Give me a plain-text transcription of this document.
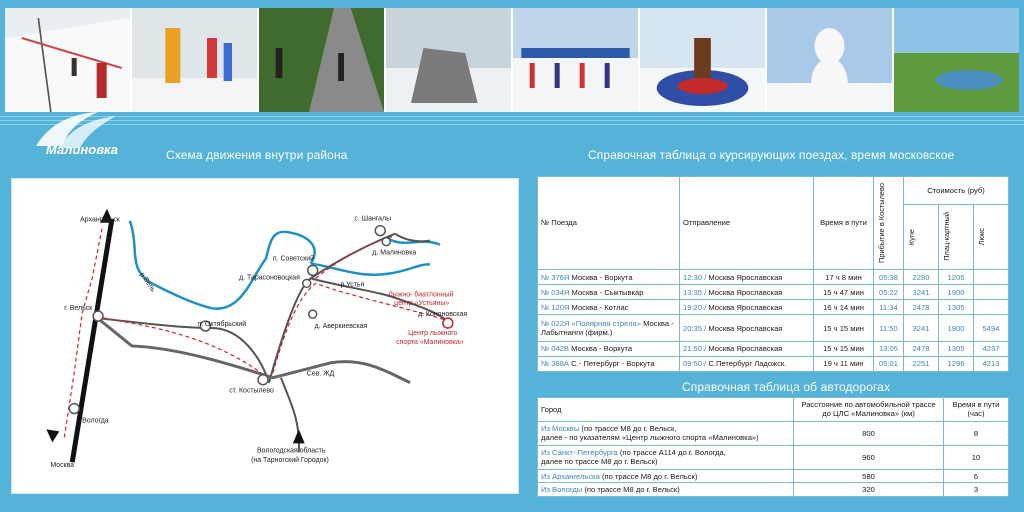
Малиновка	Схема движения внутри района	Справочная таблица о курсирующих поездах, время московское
Справочная таблица об автодорогах
Архангельск
г. Вельск
Вологда
Москва
п. Октябрьский
ст. Костылево
д. Тарасоновоцкая
п. Советский
с. Шангалы
д. Малиновка
д. Аверкиевская
д. Кононовская
р.Устья
р.Вель
Сев. ЖД
Вологодская область
(на Тарногский Городок)
Лыжно- биатлонный
центр «Устьяны»
Центр лыжного
спорта «Малиновка»
№ Поезда	Отправление	Время в пути	Прибытие в Костылево	Стоимость (руб)		

				Купе	Плац-картный	Люкс

№ 376Я Москва - Воркута	12:30 / Москва Ярославская	17 ч 8 мин	05:38	2280	1205	
№ 034Я Москва - Сыктывкар	13:35 / Москва Ярославская	15 ч 47 мин	05:22	3241	1900	
№ 120Я Москва - Котлас	19:20 / Москва Ярославская	16 ч 14 мин	11:34	2478	1305	
№ 022Я «Полярная стрела» Москва - Лабытнанги (фирм.)	20:35 / Москва Ярославская	15 ч 15 мин	11:50	3241	1900	5494
№ 042В Москва - Воркута	21:50 / Москва Ярославская	15 ч 15 мин	13:05	2478	1305	4237
№ 388А С.- Петербург - Воркута	09:50 / С.Петербург Ладожск.	19 ч 11 мин	05:01	2251	1296	4213
Город	Расстояние по автомобильной трассе до ЦЛС «Малиновка» (км)	Время в пути (час)
Из Москвы (по трассе М8 до г. Вельск,
далее - по указателям «Центр лыжного спорта «Малиновка»)	800	8
Из Санкт- Петербурга (по трассе А114 до г. Вологда,
далее по трассе М8 до г. Вельск)	960	10
Из Архангельска (по трассе М8 до г. Вельск)	580	6
Из Вологды (по трассе М8 до г. Вельск)	320	3
